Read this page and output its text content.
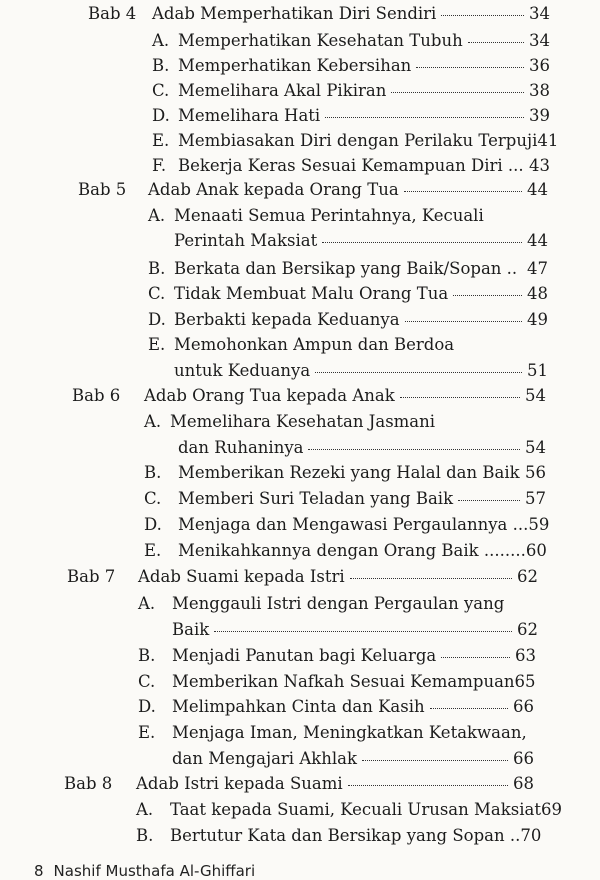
Bab 4 Adab Memperhatikan Diri Sendiri	34
A. Memperhatikan Kesehatan Tubuh	34
B. Memperhatikan Kebersihan	36
C. Memelihara Akal Pikiran	38
D. Memelihara Hati	39
E. Membiasakan Diri dengan Perilaku Terpuji 41
F. Bekerja Keras Sesuai Kemampuan Diri ... 43
Bab 5 Adab Anak kepada Orang Tua	44
A. Menaati Semua Perintahnya, Kecuali
Perintah Maksiat	44
B. Berkata dan Bersikap yang Baik/Sopan .. 47
C. Tidak Membuat Malu Orang Tua	48
D. Berbakti kepada Keduanya	49
E. Memohonkan Ampun dan Berdoa
untuk Keduanya	51
Bab 6 Adab Orang Tua kepada Anak	54
A. Memelihara Kesehatan Jasmani
dan Ruhaninya	54
B.	Memberikan Rezeki yang Halal dan Baik 56
C.	Memberi Suri Teladan yang Baik	57
D. Menjaga dan Mengawasi Pergaulannya ... 59
E.	Menikahkannya dengan Orang Baik ........ 60
Bab 7 Adab Suami kepada Istri	62
A.	Menggauli Istri dengan Pergaulan yang
Baik	62
B.	Menjadi Panutan bagi Keluarga	63
C.	Memberikan Nafkah Sesuai Kemampuan 65
D. Melimpahkan Cinta dan Kasih	66
E.	Menjaga Iman, Meningkatkan Ketakwaan,
dan Mengajari Akhlak	66
Bab 8 Adab Istri kepada Suami	68
A.	Taat kepada Suami, Kecuali Urusan Maksiat 69
B.	Bertutur Kata dan Bersikap yang Sopan .. 70
8 Nashif Musthafa Al-Ghiffari
